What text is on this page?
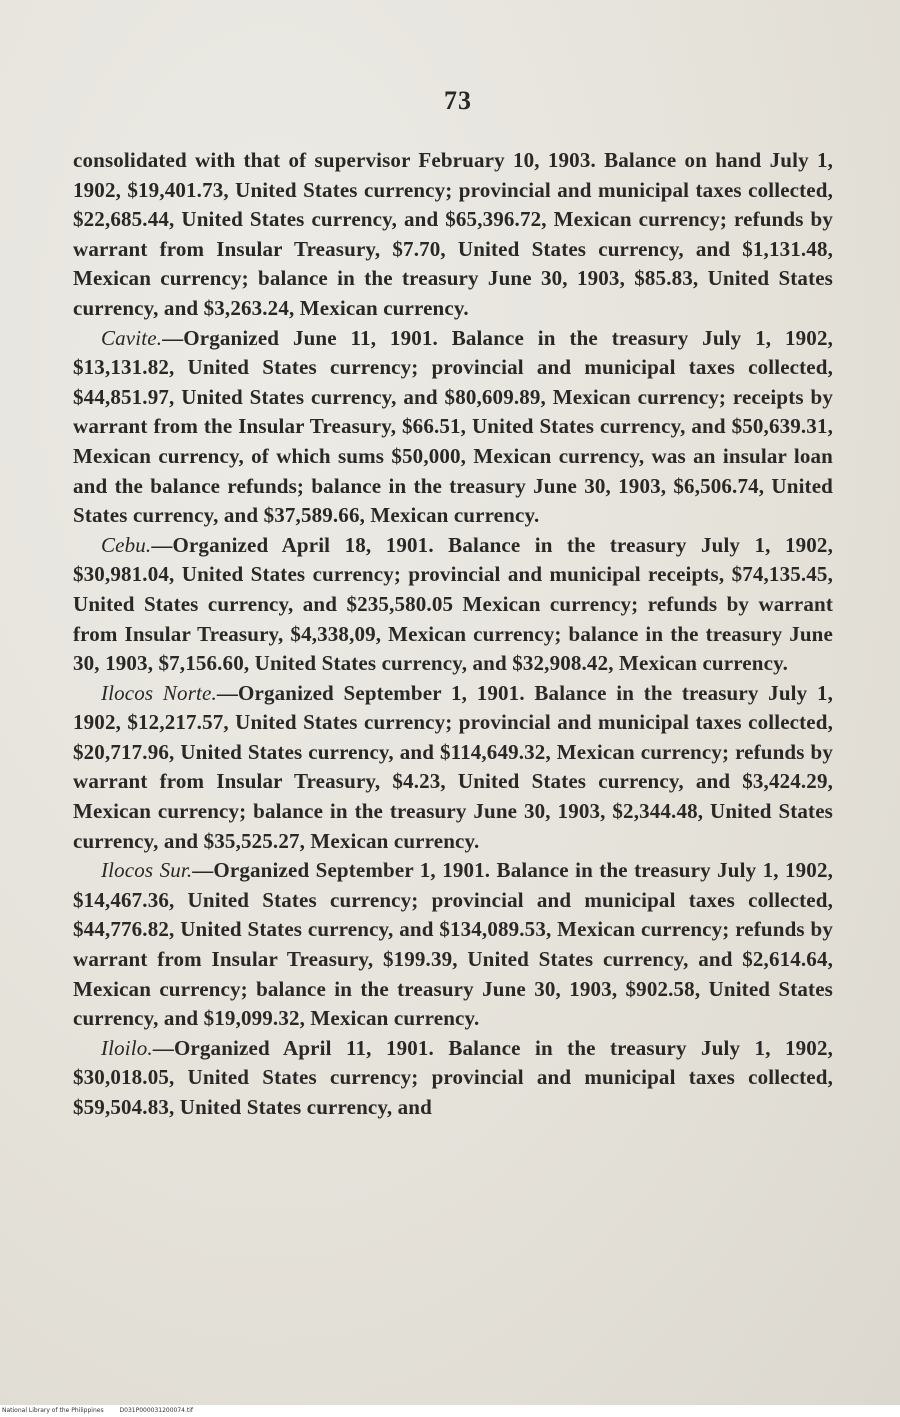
73

consolidated with that of supervisor February 10, 1903. Balance on hand July 1, 1902, $19,401.73, United States currency; provincial and municipal taxes collected, $22,685.44, United States currency, and $65,396.72, Mexican currency; refunds by warrant from Insular Treasury, $7.70, United States currency, and $1,131.48, Mexican currency; balance in the treasury June 30, 1903, $85.83, United States currency, and $3,263.24, Mexican currency.

Cavite.—Organized June 11, 1901. Balance in the treasury July 1, 1902, $13,131.82, United States currency; provincial and municipal taxes collected, $44,851.97, United States currency, and $80,609.89, Mexican currency; receipts by warrant from the Insular Treasury, $66.51, United States currency, and $50,639.31, Mexican currency, of which sums $50,000, Mexican currency, was an insular loan and the balance refunds; balance in the treasury June 30, 1903, $6,506.74, United States currency, and $37,589.66, Mexican currency.

Cebu.—Organized April 18, 1901. Balance in the treasury July 1, 1902, $30,981.04, United States currency; provincial and municipal receipts, $74,135.45, United States currency, and $235,580.05 Mexican currency; refunds by warrant from Insular Treasury, $4,338,09, Mexican currency; balance in the treasury June 30, 1903, $7,156.60, United States currency, and $32,908.42, Mexican currency.

Ilocos Norte.—Organized September 1, 1901. Balance in the treasury July 1, 1902, $12,217.57, United States currency; provincial and municipal taxes collected, $20,717.96, United States currency, and $114,649.32, Mexican currency; refunds by warrant from Insular Treasury, $4.23, United States currency, and $3,424.29, Mexican currency; balance in the treasury June 30, 1903, $2,344.48, United States currency, and $35,525.27, Mexican currency.

Ilocos Sur.—Organized September 1, 1901. Balance in the treasury July 1, 1902, $14,467.36, United States currency; provincial and municipal taxes collected, $44,776.82, United States currency, and $134,089.53, Mexican currency; refunds by warrant from Insular Treasury, $199.39, United States currency, and $2,614.64, Mexican currency; balance in the treasury June 30, 1903, $902.58, United States currency, and $19,099.32, Mexican currency.

Iloilo.—Organized April 11, 1901. Balance in the treasury July 1, 1902, $30,018.05, United States currency; provincial and municipal taxes collected, $59,504.83, United States currency, and

National Library of the Philippines	D031P000031200074.tif
